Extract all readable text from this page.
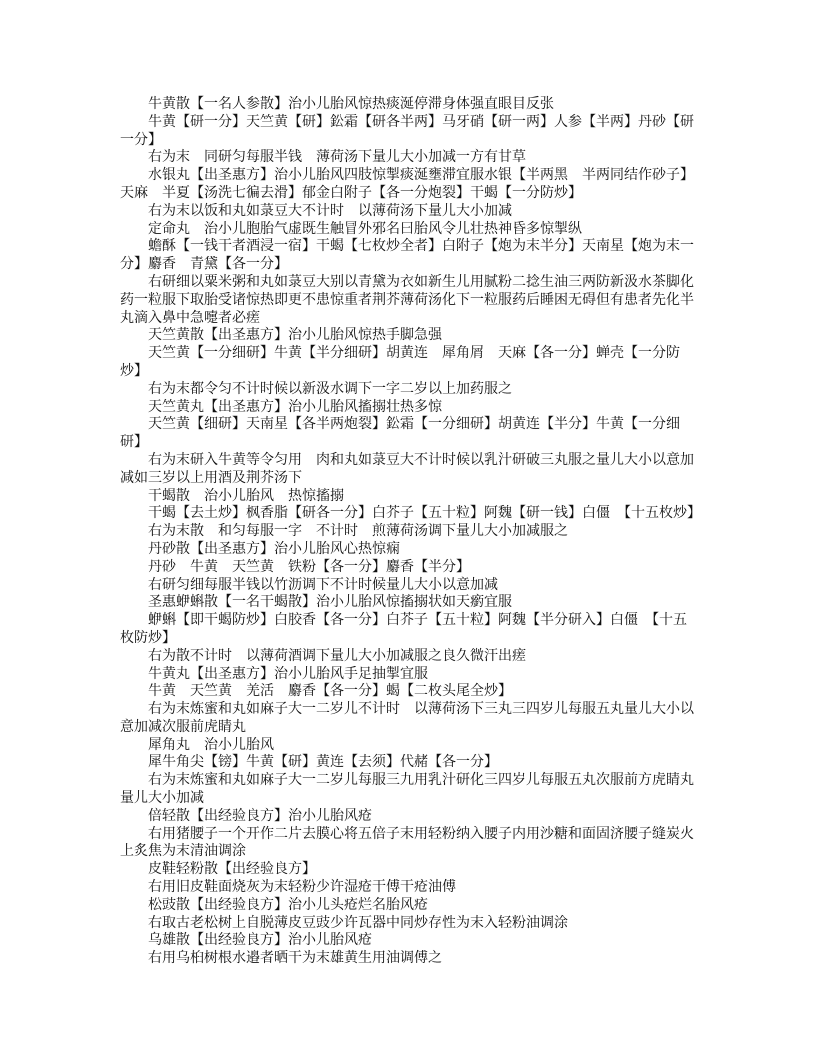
牛黄散【一名人参散】治小儿胎风惊热痰涎停滞身体强直眼目反张

牛黄【研一分】天竺黄【研】鈆霜【研各半两】马牙硝【研一两】人参【半两】丹砂【研一分】

右为末　同研匀每服半钱　薄荷汤下量儿大小加减一方有甘草

水银丸【出圣惠方】治小儿胎风四肢惊掣痰涎壅滞宜服水银【半两黑　半两同结作砂子】天麻　半夏【汤洗七徧去滑】郁金白附子【各一分炮裂】干蝎【一分防炒】

右为末以饭和丸如菉豆大不计时　以薄荷汤下量儿大小加减

定命丸　治小儿胞胎气虚既生触冒外邪名曰胎风令儿壮热神昏多惊掣纵

蟾酥【一钱干者酒浸一宿】干蝎【七枚炒全者】白附子【炮为末半分】天南星【炮为末一分】麝香　青黛【各一分】

右研细以粟米粥和丸如菉豆大别以青黛为衣如新生儿用腻粉二捻生油三两防新汲水茶脚化药一粒服下取胎受诸惊热即更不患惊重者荆芥薄荷汤化下一粒服药后睡困无碍但有患者先化半丸滴入鼻中急嚏者必瘥

天竺黄散【出圣惠方】治小儿胎风惊热手脚急强

天竺黄【一分细研】牛黄【半分细研】胡黄连　犀角屑　天麻【各一分】蝉壳【一分防炒】

右为末都令匀不计时候以新汲水调下一字二岁以上加药服之

天竺黄丸【出圣惠方】治小儿胎风搐搦壮热多惊

天竺黄【细研】天南星【各半两炮裂】鈆霜【一分细研】胡黄连【半分】牛黄【一分细研】

右为末研入牛黄等令匀用　肉和丸如菉豆大不计时候以乳汁研破三丸服之量儿大小以意加减如三岁以上用酒及荆芥汤下

干蝎散　治小儿胎风　热惊搐搦

干蝎【去土炒】枫香脂【研各一分】白芥子【五十粒】阿魏【研一钱】白僵　【十五枚炒】

右为末散　和匀每服一字　不计时　煎薄荷汤调下量儿大小加减服之

丹砂散【出圣惠方】治小儿胎风心热惊痫

丹砂　牛黄　天竺黄　铁粉【各一分】麝香【半分】

右研匀细每服半钱以竹沥调下不计时候量儿大小以意加减

圣惠蛜蝌散【一名干蝎散】治小儿胎风惊搐搦状如天瘹宜服

蛜蝌【即干蝎防炒】白胶香【各一分】白芥子【五十粒】阿魏【半分研入】白僵　【十五枚防炒】

右为散不计时　以薄荷酒调下量儿大小加减服之良久微汗出瘥

牛黄丸【出圣惠方】治小儿胎风手足抽掣宜服

牛黄　天竺黄　羌活　麝香【各一分】蝎【二枚头尾全炒】

右为末炼蜜和丸如麻子大一二岁儿不计时　以薄荷汤下三丸三四岁儿每服五丸量儿大小以意加减次服前虎睛丸

犀角丸　治小儿胎风

犀牛角尖【镑】牛黄【研】黄连【去须】代赭【各一分】

右为末炼蜜和丸如麻子大一二岁儿每服三九用乳汁研化三四岁儿每服五丸次服前方虎睛丸量儿大小加减

倍轻散【出经验良方】治小儿胎风疮

右用猪腰子一个开作二片去膜心将五倍子末用轻粉纳入腰子内用沙糖和面固济腰子缝炭火上炙焦为末清油调涂

皮鞋轻粉散【出经验良方】

右用旧皮鞋面烧灰为末轻粉少许湿疮干傅干疮油傅

松豉散【出经验良方】治小儿头疮烂名胎风疮

右取古老松树上自脱薄皮豆豉少许瓦器中同炒存性为末入轻粉油调涂

乌雄散【出经验良方】治小儿胎风疮

右用乌桕树根水邉者晒干为末雄黄生用油调傅之
